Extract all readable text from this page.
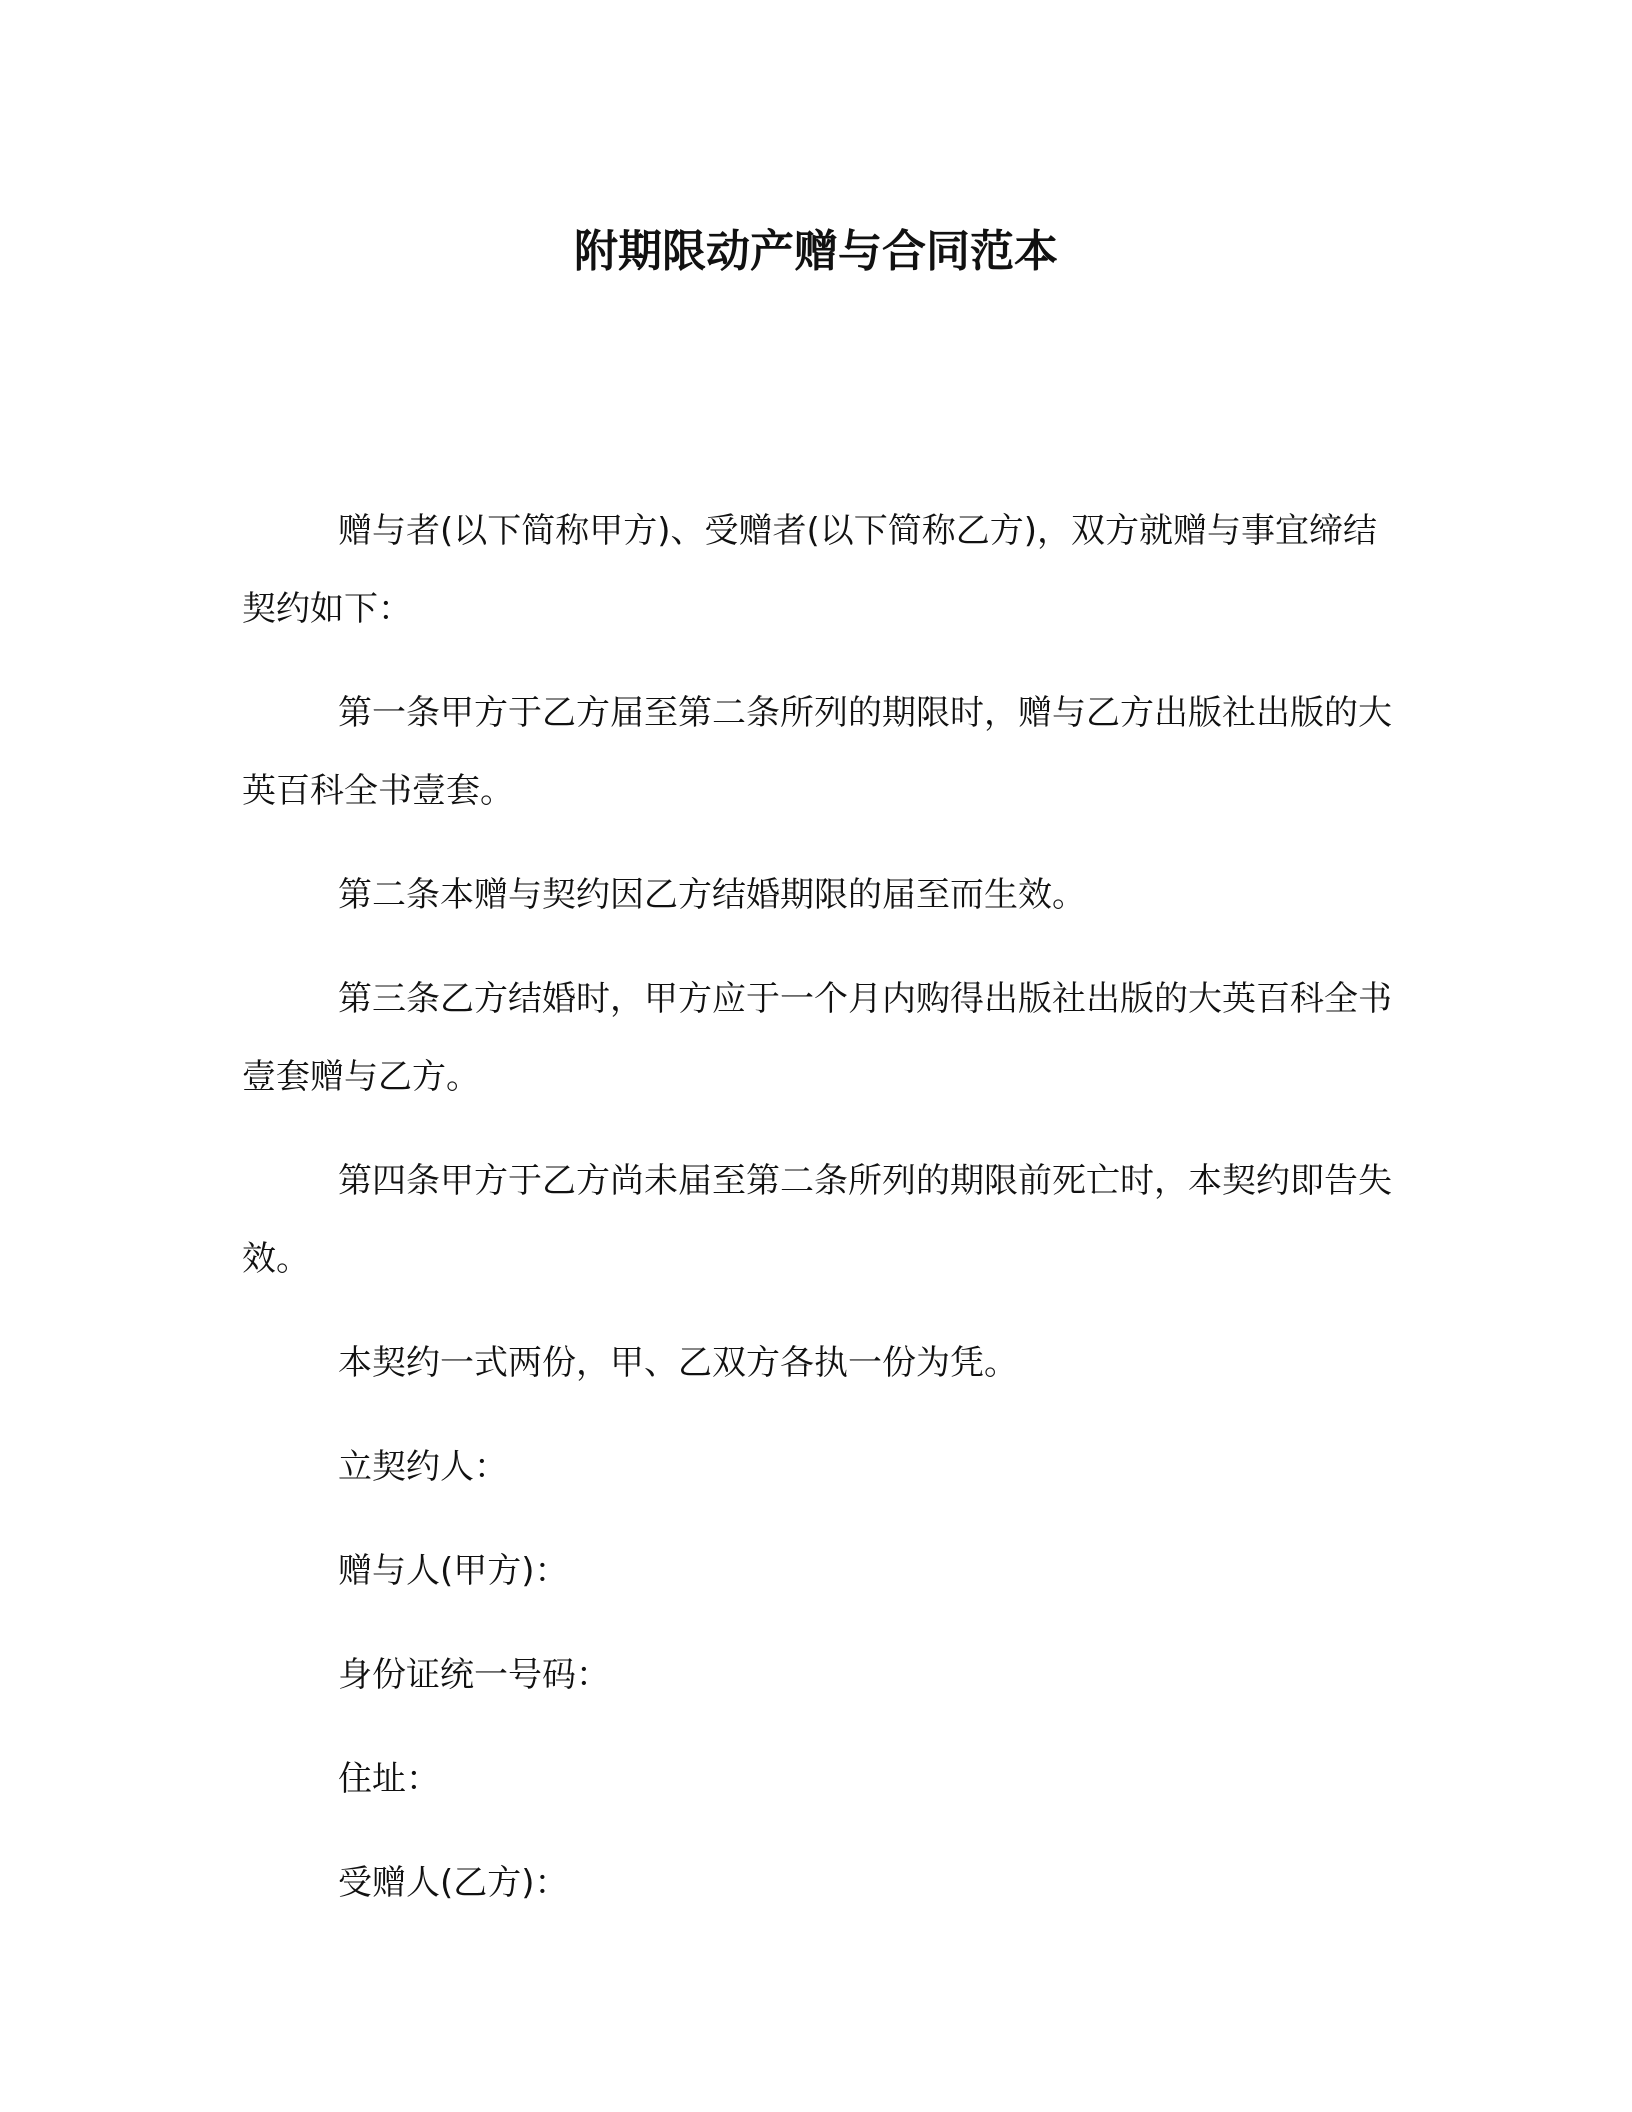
附期限动产赠与合同范本

赠与者(以下简称甲方)、受赠者(以下简称乙方)，双方就赠与事宜缔结契约如下：

第一条甲方于乙方届至第二条所列的期限时，赠与乙方出版社出版的大英百科全书壹套。

第二条本赠与契约因乙方结婚期限的届至而生效。

第三条乙方结婚时，甲方应于一个月内购得出版社出版的大英百科全书壹套赠与乙方。

第四条甲方于乙方尚未届至第二条所列的期限前死亡时，本契约即告失效。

本契约一式两份，甲、乙双方各执一份为凭。

立契约人：

赠与人(甲方)：

身份证统一号码：

住址：

受赠人(乙方)：
